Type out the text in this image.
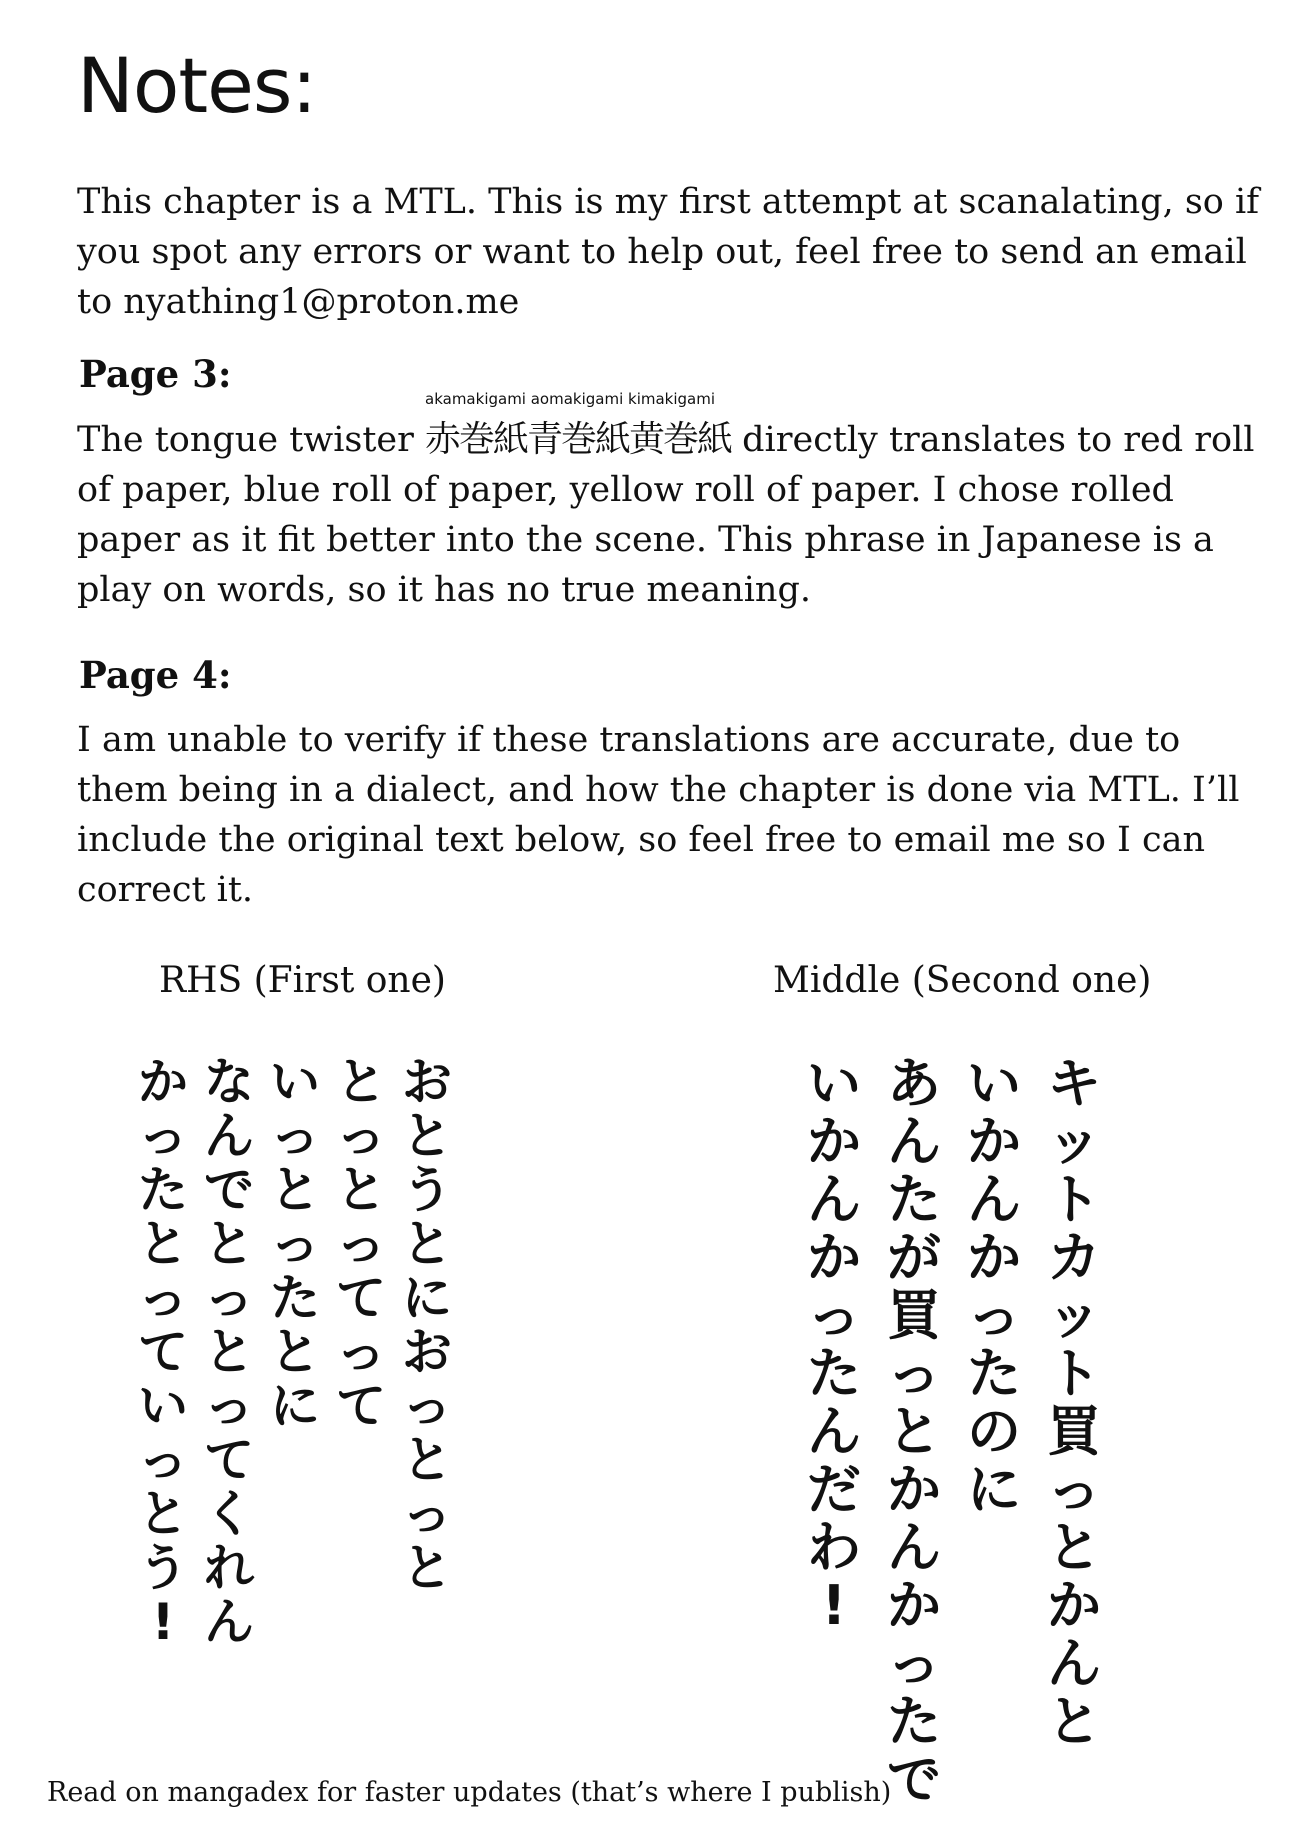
Notes:

This chapter is a MTL. This is my first attempt at scanalating, so if you spot any errors or want to help out, feel free to send an email to nyathing1@proton.me

Page 3:

The tongue twister
akamakigami aomakigami kimakigami
赤巻紙青巻紙黄巻紙 directly translates to red roll of paper, blue roll of paper, yellow roll of paper. I chose rolled paper as it fit better into the scene. This phrase in Japanese is a play on words, so it has no true meaning.

Page 4:

I am unable to verify if these translations are accurate, due to them being in a dialect, and how the chapter is done via MTL. I’ll include the original text below, so feel free to email me so I can correct it.

RHS (First one)	Middle (Second one)
お
と
う
と
に
お
っ
と
っ
と
と
っ
と
っ
て
っ
て
い
っ
と
っ
た
と
に
な
ん
で
と
っ
と
っ
て
く
れ
ん
か
っ
た
と
っ
て
い
っ
と
う
!
キ
ッ
ト
カ
ッ
ト
買
っ
と
か
ん
と
い
か
ん
か
っ
た
の
に
あ
ん
た
が
買
っ
と
か
ん
か
っ
た
で
い
か
ん
か
っ
た
ん
だ
わ
!

Read on mangadex for faster updates (that’s where I publish)
